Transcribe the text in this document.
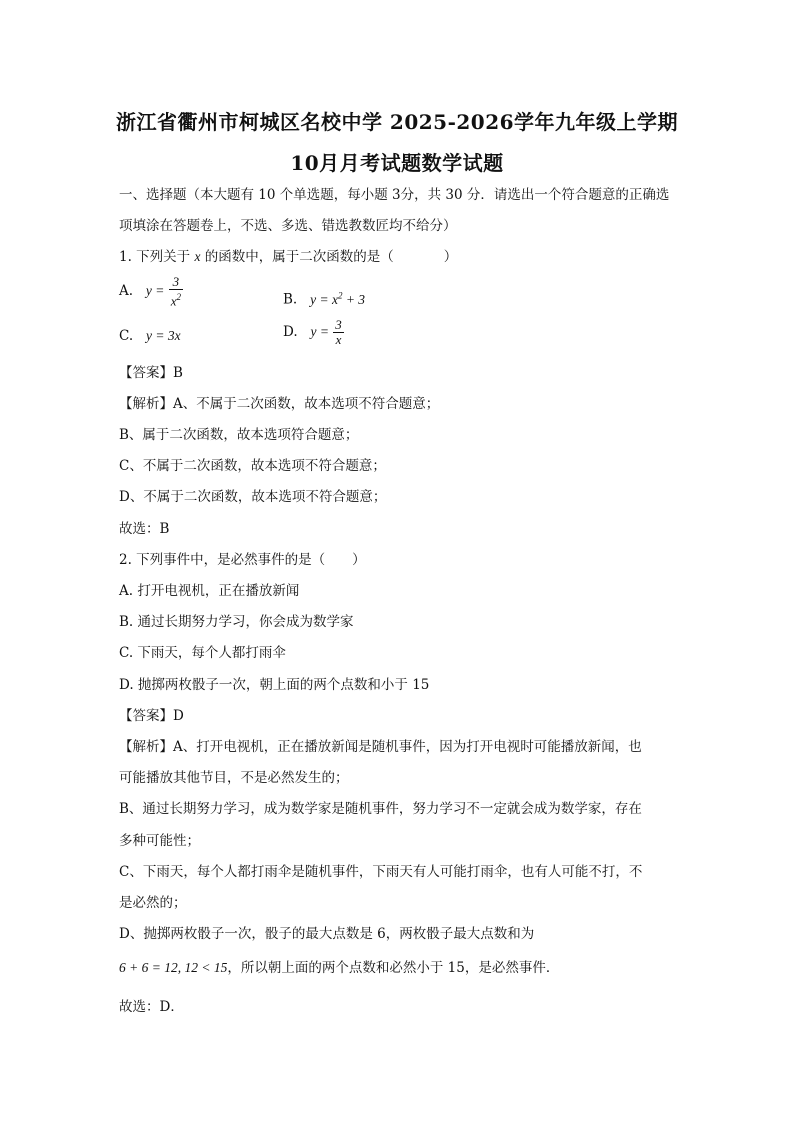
浙江省衢州市柯城区名校中学 2025-2026学年九年级上学期
10月月考试题数学试题
一、选择题（本大题有 10 个单选题，每小题 3分，共 30 分．请选出一个符合题意的正确选
项填涂在答题卷上，不选、多选、错选教数匠均不给分）
1. 下列关于 x 的函数中，属于二次函数的是（	）
A. $y = \frac{3}{x^2}$	B. $y = x^2 + 3$
C. y = 3x	D. $y = \frac{3}{x}$
【答案】B
【解析】A、不属于二次函数，故本选项不符合题意；
B、属于二次函数，故本选项符合题意；
C、不属于二次函数，故本选项不符合题意；
D、不属于二次函数，故本选项不符合题意；
故选：B
2. 下列事件中，是必然事件的是（　　）
A. 打开电视机，正在播放新闻
B. 通过长期努力学习，你会成为数学家
C. 下雨天，每个人都打雨伞
D. 抛掷两枚骰子一次，朝上面的两个点数和小于 15
【答案】D
【解析】A、打开电视机，正在播放新闻是随机事件，因为打开电视时可能播放新闻，也
可能播放其他节目，不是必然发生的；
B、通过长期努力学习，成为数学家是随机事件，努力学习不一定就会成为数学家，存在
多种可能性；
C、下雨天，每个人都打雨伞是随机事件，下雨天有人可能打雨伞，也有人可能不打，不
是必然的；
D、抛掷两枚骰子一次，骰子的最大点数是 6，两枚骰子最大点数和为
6 + 6 = 12, 12 < 15，所以朝上面的两个点数和必然小于 15，是必然事件．
故选：D．
